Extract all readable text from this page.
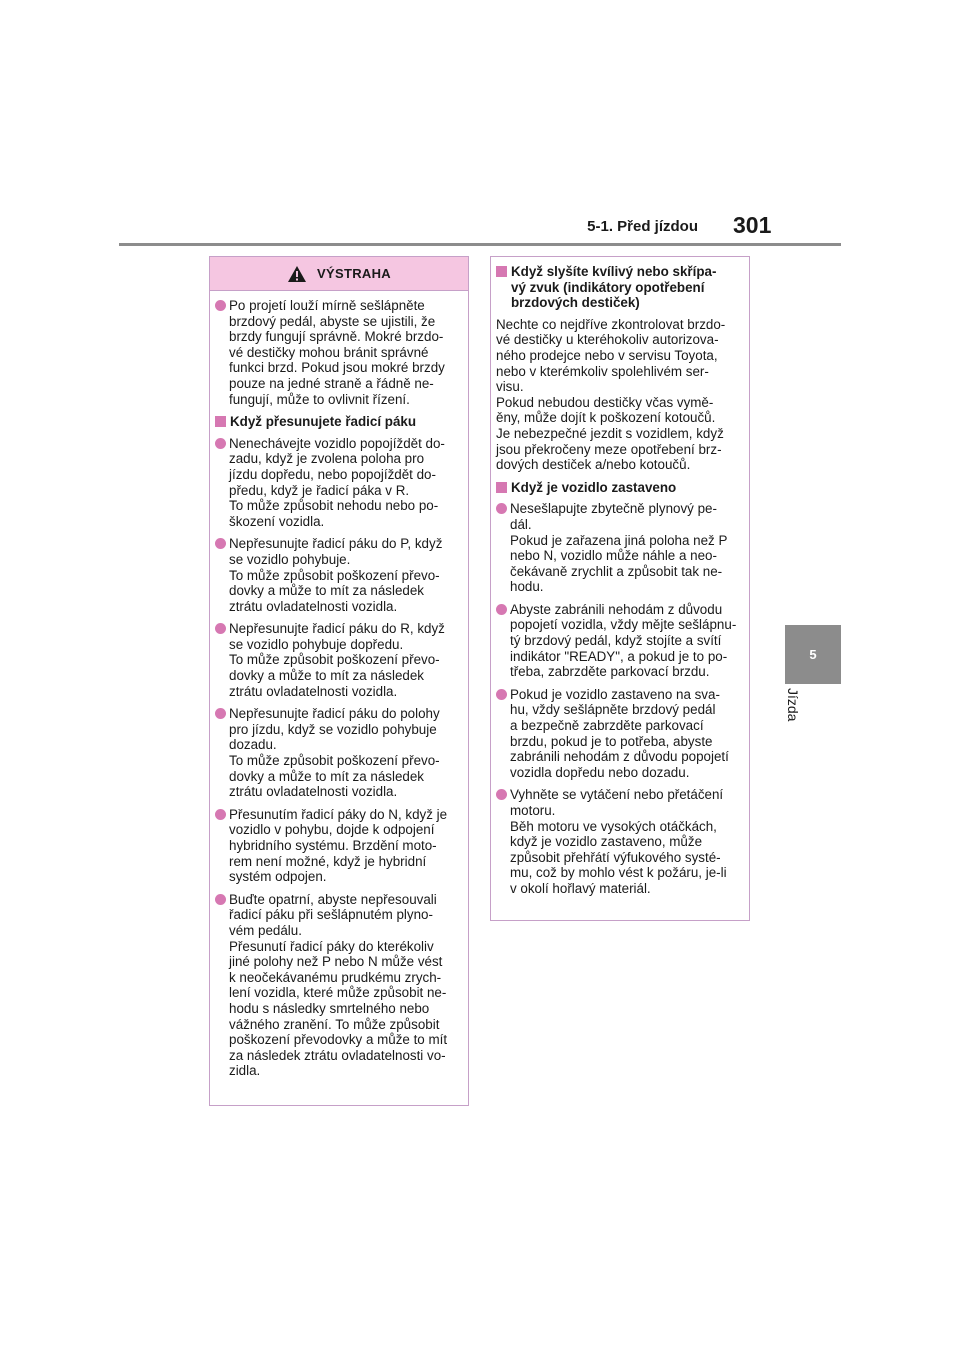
5-1. Před jízdou 301
5
Jízda
VÝSTRAHA
Po projetí louží mírně sešlápněte
brzdový pedál, abyste se ujistili, že
brzdy fungují správně. Mokré brzdo-
vé destičky mohou bránit správné
funkci brzd. Pokud jsou mokré brzdy
pouze na jedné straně a řádně ne-
fungují, může to ovlivnit řízení.
Když přesunujete řadicí páku
Nenechávejte vozidlo popojíždět do-
zadu, když je zvolena poloha pro
jízdu dopředu, nebo popojíždět do-
předu, když je řadicí páka v R.
To může způsobit nehodu nebo po-
škození vozidla.
Nepřesunujte řadicí páku do P, když
se vozidlo pohybuje.
To může způsobit poškození převo-
dovky a může to mít za následek
ztrátu ovladatelnosti vozidla.
Nepřesunujte řadicí páku do R, když
se vozidlo pohybuje dopředu.
To může způsobit poškození převo-
dovky a může to mít za následek
ztrátu ovladatelnosti vozidla.
Nepřesunujte řadicí páku do polohy
pro jízdu, když se vozidlo pohybuje
dozadu.
To může způsobit poškození převo-
dovky a může to mít za následek
ztrátu ovladatelnosti vozidla.
Přesunutím řadicí páky do N, když je
vozidlo v pohybu, dojde k odpojení
hybridního systému. Brzdění moto-
rem není možné, když je hybridní
systém odpojen.
Buďte opatrní, abyste nepřesouvali
řadicí páku při sešlápnutém plyno-
vém pedálu.
Přesunutí řadicí páky do kterékoliv
jiné polohy než P nebo N může vést
k neočekávanému prudkému zrych-
lení vozidla, které může způsobit ne-
hodu s následky smrtelného nebo
vážného zranění. To může způsobit
poškození převodovky a může to mít
za následek ztrátu ovladatelnosti vo-
zidla.
Když slyšíte kvílivý nebo skřípa-
vý zvuk (indikátory opotřebení
brzdových destiček)
Nechte co nejdříve zkontrolovat brzdo-
vé destičky u kteréhokoliv autorizova-
ného prodejce nebo v servisu Toyota,
nebo v kterémkoliv spolehlivém ser-
visu.
Pokud nebudou destičky včas vymě-
ěny, může dojít k poškození kotoučů.
Je nebezpečné jezdit s vozidlem, když
jsou překročeny meze opotřebení brz-
dových destiček a/nebo kotoučů.
Když je vozidlo zastaveno
Nesešlapujte zbytečně plynový pe-
dál.
Pokud je zařazena jiná poloha než P
nebo N, vozidlo může náhle a neo-
čekávaně zrychlit a způsobit tak ne-
hodu.
Abyste zabránili nehodám z důvodu
popojetí vozidla, vždy mějte sešlápnu-
tý brzdový pedál, když stojíte a svítí
indikátor "READY", a pokud je to po-
třeba, zabrzděte parkovací brzdu.
Pokud je vozidlo zastaveno na sva-
hu, vždy sešlápněte brzdový pedál
a bezpečně zabrzděte parkovací
brzdu, pokud je to potřeba, abyste
zabránili nehodám z důvodu popojetí
vozidla dopředu nebo dozadu.
Vyhněte se vytáčení nebo přetáčení
motoru.
Běh motoru ve vysokých otáčkách,
když je vozidlo zastaveno, může
způsobit přehřátí výfukového systé-
mu, což by mohlo vést k požáru, je-li
v okolí hořlavý materiál.
